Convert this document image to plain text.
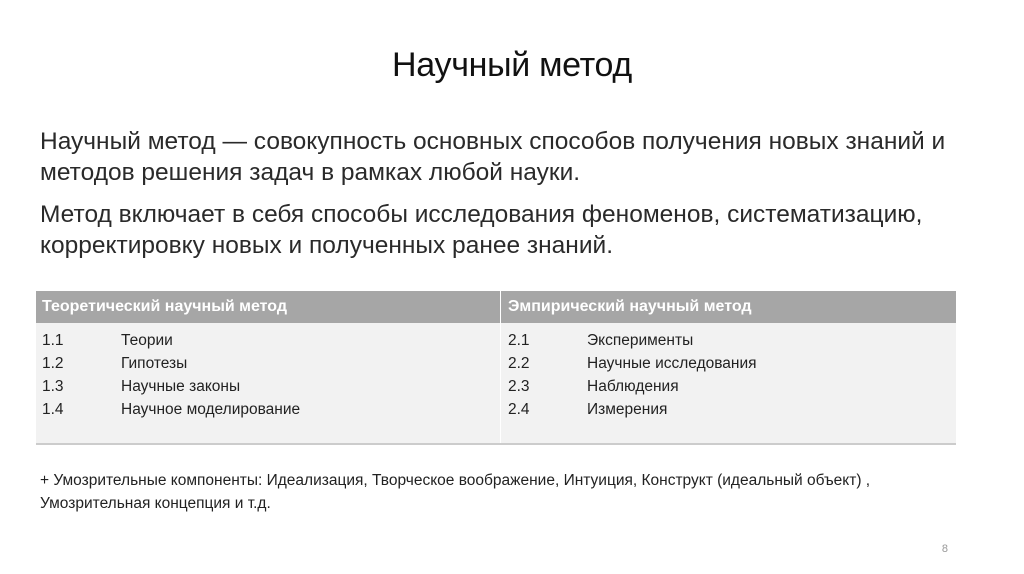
Научный метод

Научный метод — совокупность основных способов получения новых знаний и методов решения задач в рамках любой науки.

Метод включает в себя способы исследования феноменов, систематизацию, корректировку новых и полученных ранее знаний.

Теоретический научный метод	Эмпирический научный метод
1.1	Теории
1.2	Гипотезы
1.3	Научные законы
1.4	Научное моделирование
2.1	Эксперименты
2.2	Научные исследования
2.3	Наблюдения
2.4	Измерения

+ Умозрительные компоненты: Идеализация, Творческое воображение, Интуиция, Конструкт (идеальный объект) , Умозрительная концепция и т.д.

8
